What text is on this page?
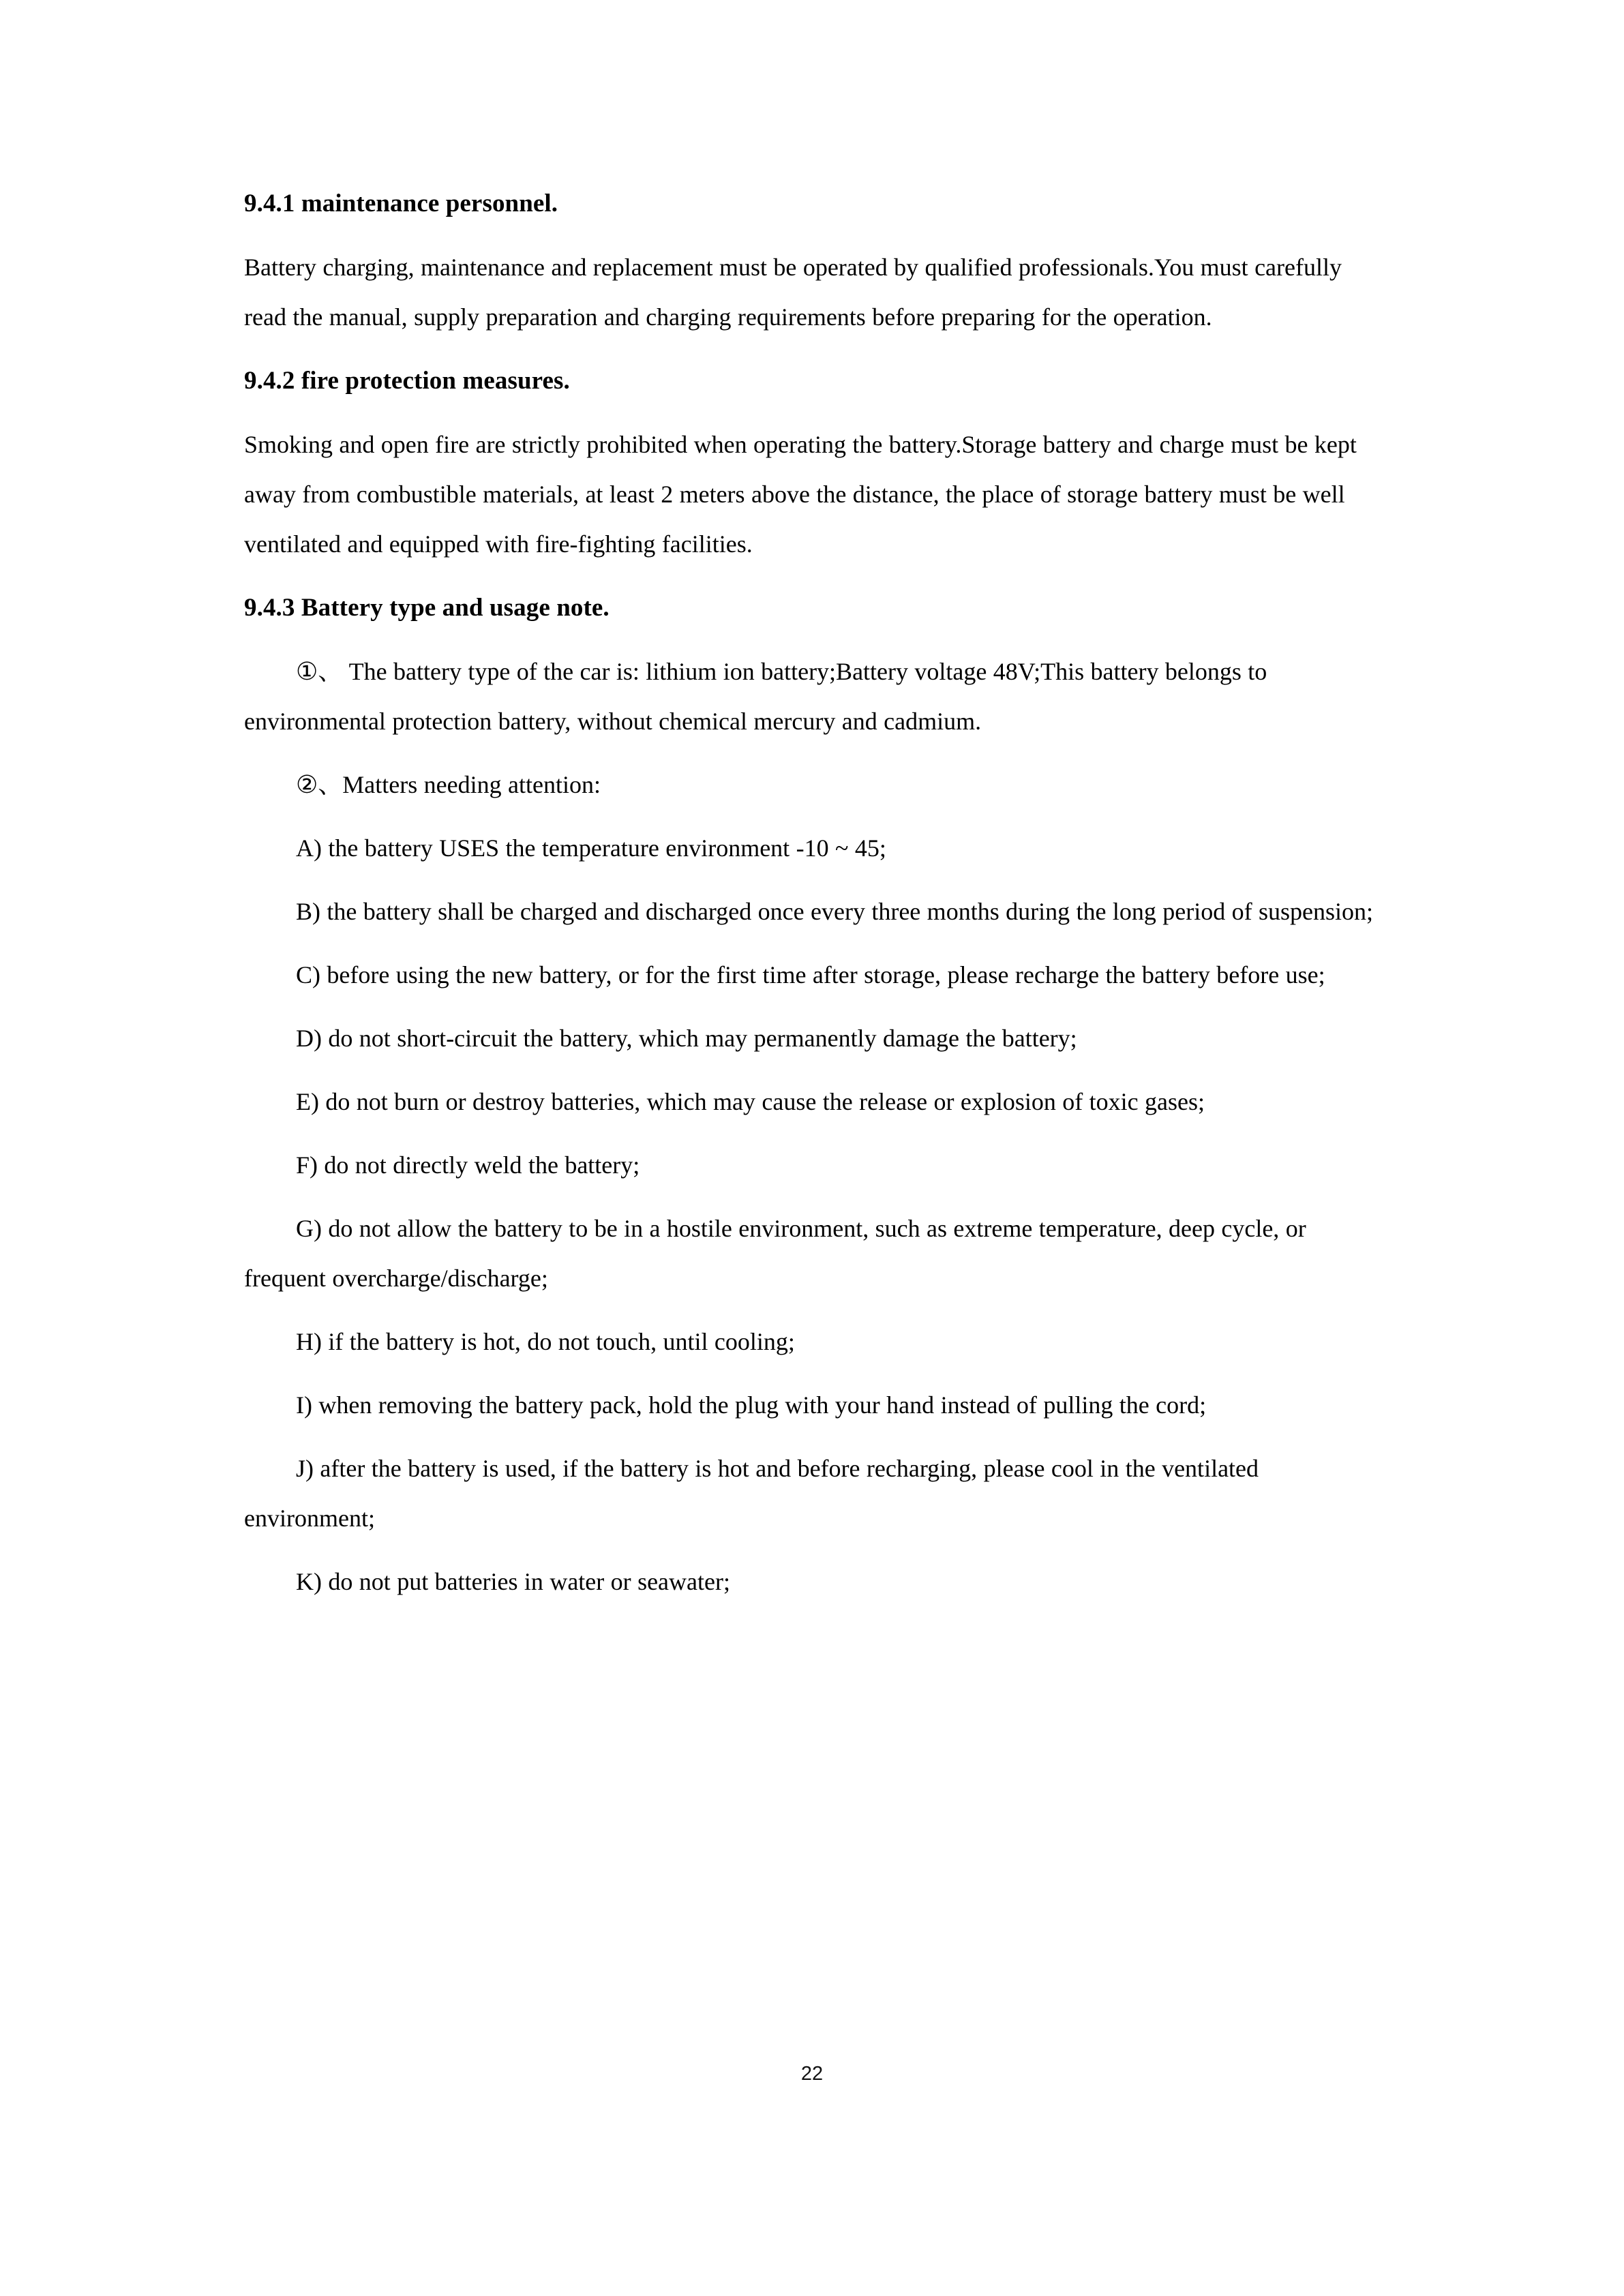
9.4.1 maintenance personnel.

Battery charging, maintenance and replacement must be operated by qualified professionals.You must carefully read the manual, supply preparation and charging requirements before preparing for the operation.

9.4.2 fire protection measures.

Smoking and open fire are strictly prohibited when operating the battery.Storage battery and charge must be kept away from combustible materials, at least 2 meters above the distance, the place of storage battery must be well ventilated and equipped with fire-fighting facilities.

9.4.3 Battery type and usage note.

①、 The battery type of the car is: lithium ion battery;Battery voltage 48V;This battery belongs to environmental protection battery, without chemical mercury and cadmium.

②、Matters needing attention:

A) the battery USES the temperature environment -10 ~ 45;

B) the battery shall be charged and discharged once every three months during the long period of suspension;

C) before using the new battery, or for the first time after storage, please recharge the battery before use;

D) do not short-circuit the battery, which may permanently damage the battery;

E) do not burn or destroy batteries, which may cause the release or explosion of toxic gases;

F) do not directly weld the battery;

G) do not allow the battery to be in a hostile environment, such as extreme temperature, deep cycle, or frequent overcharge/discharge;

H) if the battery is hot, do not touch, until cooling;

I) when removing the battery pack, hold the plug with your hand instead of pulling the cord;

J) after the battery is used, if the battery is hot and before recharging, please cool in the ventilated environment;

K) do not put batteries in water or seawater;

22
